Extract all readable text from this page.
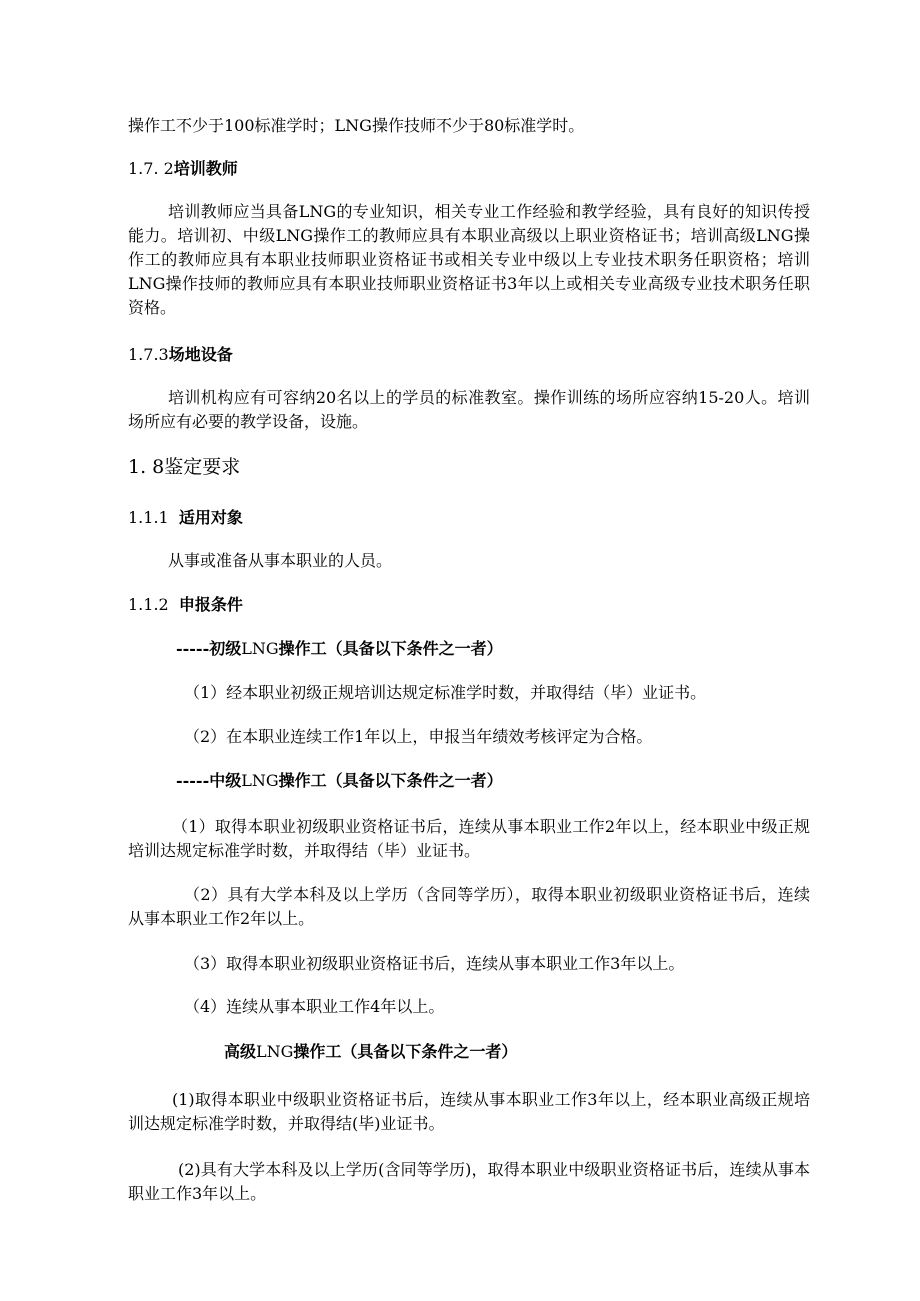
操作工不少于100标准学时；LNG操作技师不少于80标准学时。
1.7. 2培训教师
培训教师应当具备LNG的专业知识，相关专业工作经验和教学经验，具有良好的知识传授能力。培训初、中级LNG操作工的教师应具有本职业高级以上职业资格证书；培训高级LNG操作工的教师应具有本职业技师职业资格证书或相关专业中级以上专业技术职务任职资格；培训LNG操作技师的教师应具有本职业技师职业资格证书3年以上或相关专业高级专业技术职务任职资格。
1.7.3场地设备
培训机构应有可容纳20名以上的学员的标准教室。操作训练的场所应容纳15-20人。培训场所应有必要的教学设备，设施。
1. 8鉴定要求
1.1.1 适用对象
从事或准备从事本职业的人员。
1.1.2 申报条件
-----初级LNG操作工（具备以下条件之一者）
（1）经本职业初级正规培训达规定标准学时数，并取得结（毕）业证书。
（2）在本职业连续工作1年以上，申报当年绩效考核评定为合格。
-----中级LNG操作工（具备以下条件之一者）
（1）取得本职业初级职业资格证书后，连续从事本职业工作2年以上，经本职业中级正规培训达规定标准学时数，并取得结（毕）业证书。
（2）具有大学本科及以上学历（含同等学历），取得本职业初级职业资格证书后，连续从事本职业工作2年以上。
（3）取得本职业初级职业资格证书后，连续从事本职业工作3年以上。
（4）连续从事本职业工作4年以上。
高级LNG操作工（具备以下条件之一者）
(1)取得本职业中级职业资格证书后，连续从事本职业工作3年以上，经本职业高级正规培训达规定标准学时数，并取得结(毕)业证书。
(2)具有大学本科及以上学历(含同等学历)，取得本职业中级职业资格证书后，连续从事本职业工作3年以上。
